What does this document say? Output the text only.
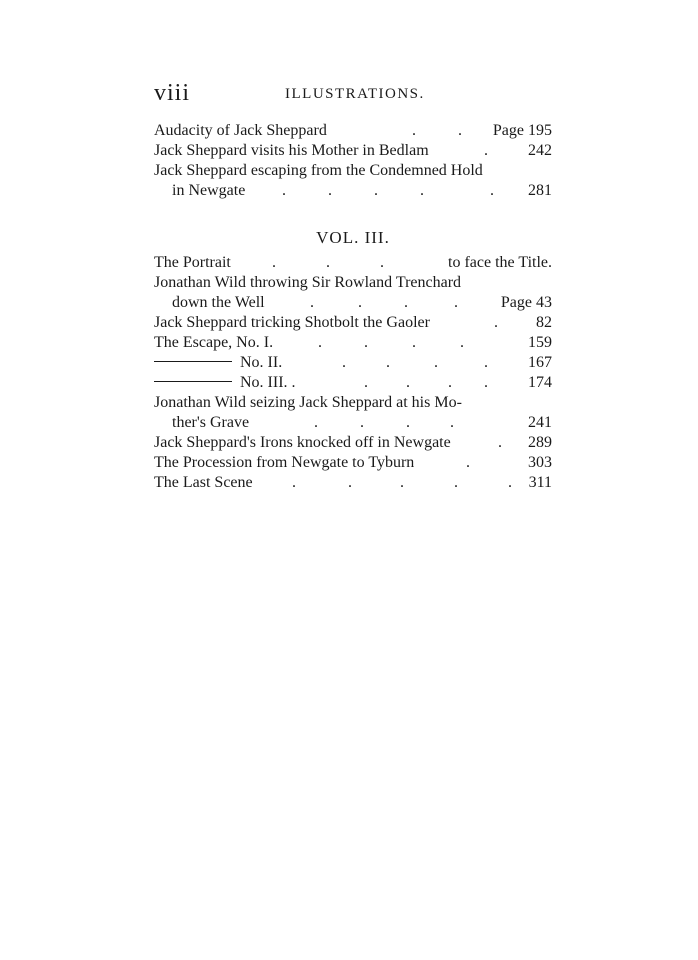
viii	ILLUSTRATIONS.
Audacity of Jack Sheppard	.	. Page 195
Jack Sheppard visits his Mother in Bedlam	.	242
Jack Sheppard escaping from the Condemned Hold
in Newgate .	.	.	.	. 281
VOL. III.
The Portrait	.	.	.	to face the Title.
Jonathan Wild throwing Sir Rowland Trenchard
down the Well	.	.	.	.	Page 43
Jack Sheppard tricking Shotbolt the Gaoler	. 82
The Escape, No. I.	.	.	.	.	159
No. II.	.	.	.	.	167
No. III. .	. . . .	174
Jonathan Wild seizing Jack Sheppard at his Mo-
ther's Grave	.	.	.	.	241
Jack Sheppard's Irons knocked off in Newgate	. 289
The Procession from Newgate to Tyburn	.	303
The Last Scene .	.	.	.	. 311
